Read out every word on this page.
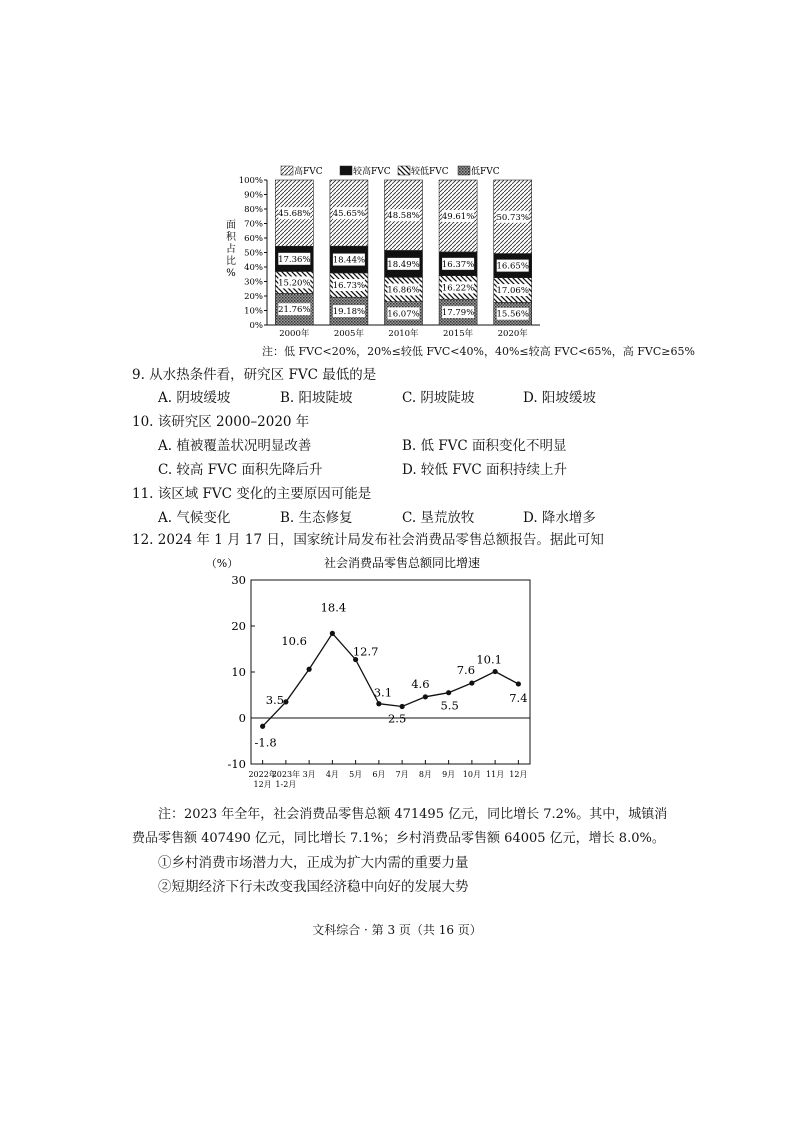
高FVC	较高FVC 较低FVC 低FVC
面积占比%
0%
10%
20%
30%
40%
50%
60%
70%
80%
90%
100%
21.76%
15.20%
17.36%
45.68%
19.18%
16.73%
18.44%
45.65%
16.07%
16.86%
18.49%
48.58%
17.79%
16.22%
16.37%
49.61%
15.56%
17.06%
16.65%
50.73%
2000年	2005年	2010年	2015年	2020年
注：低 FVC<20%，20%≤较低 FVC<40%，40%≤较高 FVC<65%，高 FVC≥65%
9. 从水热条件看，研究区 FVC 最低的是
A. 阴坡缓坡	B. 阳坡陡坡	C. 阴坡陡坡	D. 阳坡缓坡
10. 该研究区 2000–2020 年
A. 植被覆盖状况明显改善	B. 低 FVC 面积变化不明显
C. 较高 FVC 面积先降后升	D. 较低 FVC 面积持续上升
11. 该区域 FVC 变化的主要原因可能是
A. 气候变化	B. 生态修复	C. 垦荒放牧	D. 降水增多
12. 2024 年 1 月 17 日，国家统计局发布社会消费品零售总额报告。据此可知
社会消费品零售总额同比增速
（%）
-10
0
10
20
30
2022年
12月
2023年
1-2月
3月 4月 5月 6月 7月 8月 9月 10月 11月 12月
-1.8
3.5
10.6
18.4
12.7
3.1
2.5
4.6
5.5
7.6
10.1
7.4
注：2023 年全年，社会消费品零售总额 471495 亿元，同比增长 7.2%。其中，城镇消
费品零售额 407490 亿元，同比增长 7.1%；乡村消费品零售额 64005 亿元，增长 8.0%。
①乡村消费市场潜力大，正成为扩大内需的重要力量
②短期经济下行未改变我国经济稳中向好的发展大势
文科综合 · 第 3 页（共 16 页）
